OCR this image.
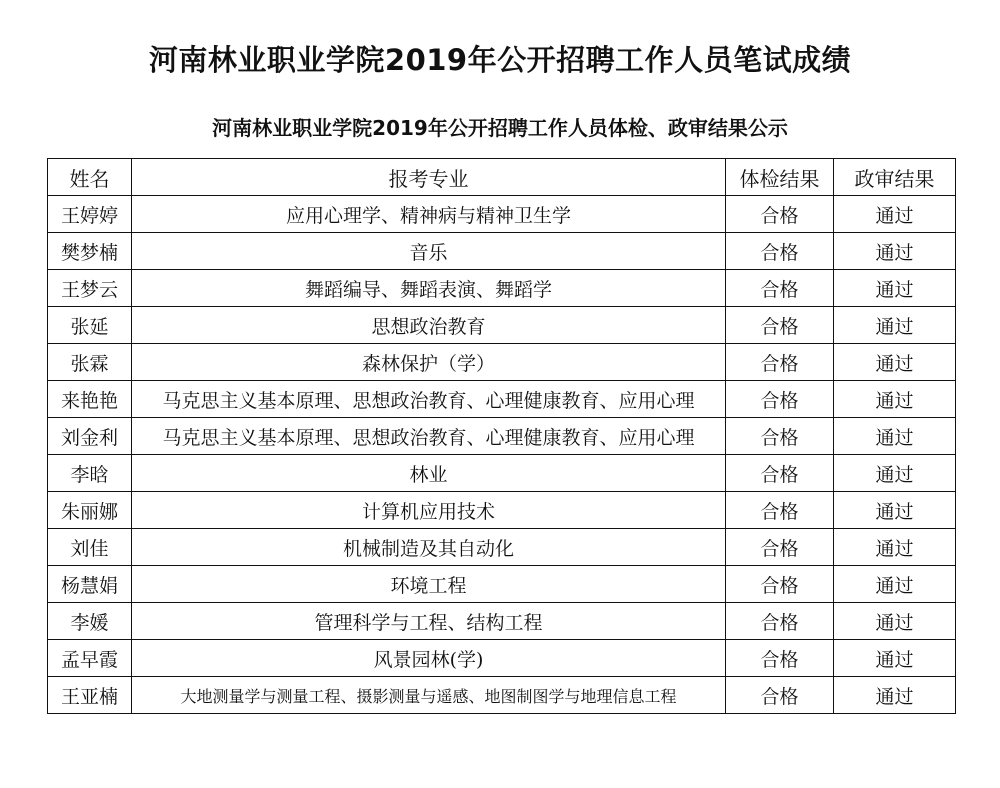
河南林业职业学院2019年公开招聘工作人员笔试成绩
河南林业职业学院2019年公开招聘工作人员体检、政审结果公示
姓名	报考专业	体检结果	政审结果
王婷婷	应用心理学、精神病与精神卫生学	合格	通过
樊梦楠	音乐	合格	通过
王梦云	舞蹈编导、舞蹈表演、舞蹈学	合格	通过
张延	思想政治教育	合格	通过
张霖	森林保护（学）	合格	通过
来艳艳	马克思主义基本原理、思想政治教育、心理健康教育、应用心理	合格	通过
刘金利	马克思主义基本原理、思想政治教育、心理健康教育、应用心理	合格	通过
李晗	林业	合格	通过
朱丽娜	计算机应用技术	合格	通过
刘佳	机械制造及其自动化	合格	通过
杨慧娟	环境工程	合格	通过
李媛	管理科学与工程、结构工程	合格	通过
孟早霞	风景园林(学)	合格	通过
王亚楠	大地测量学与测量工程、摄影测量与遥感、地图制图学与地理信息工程	合格	通过
